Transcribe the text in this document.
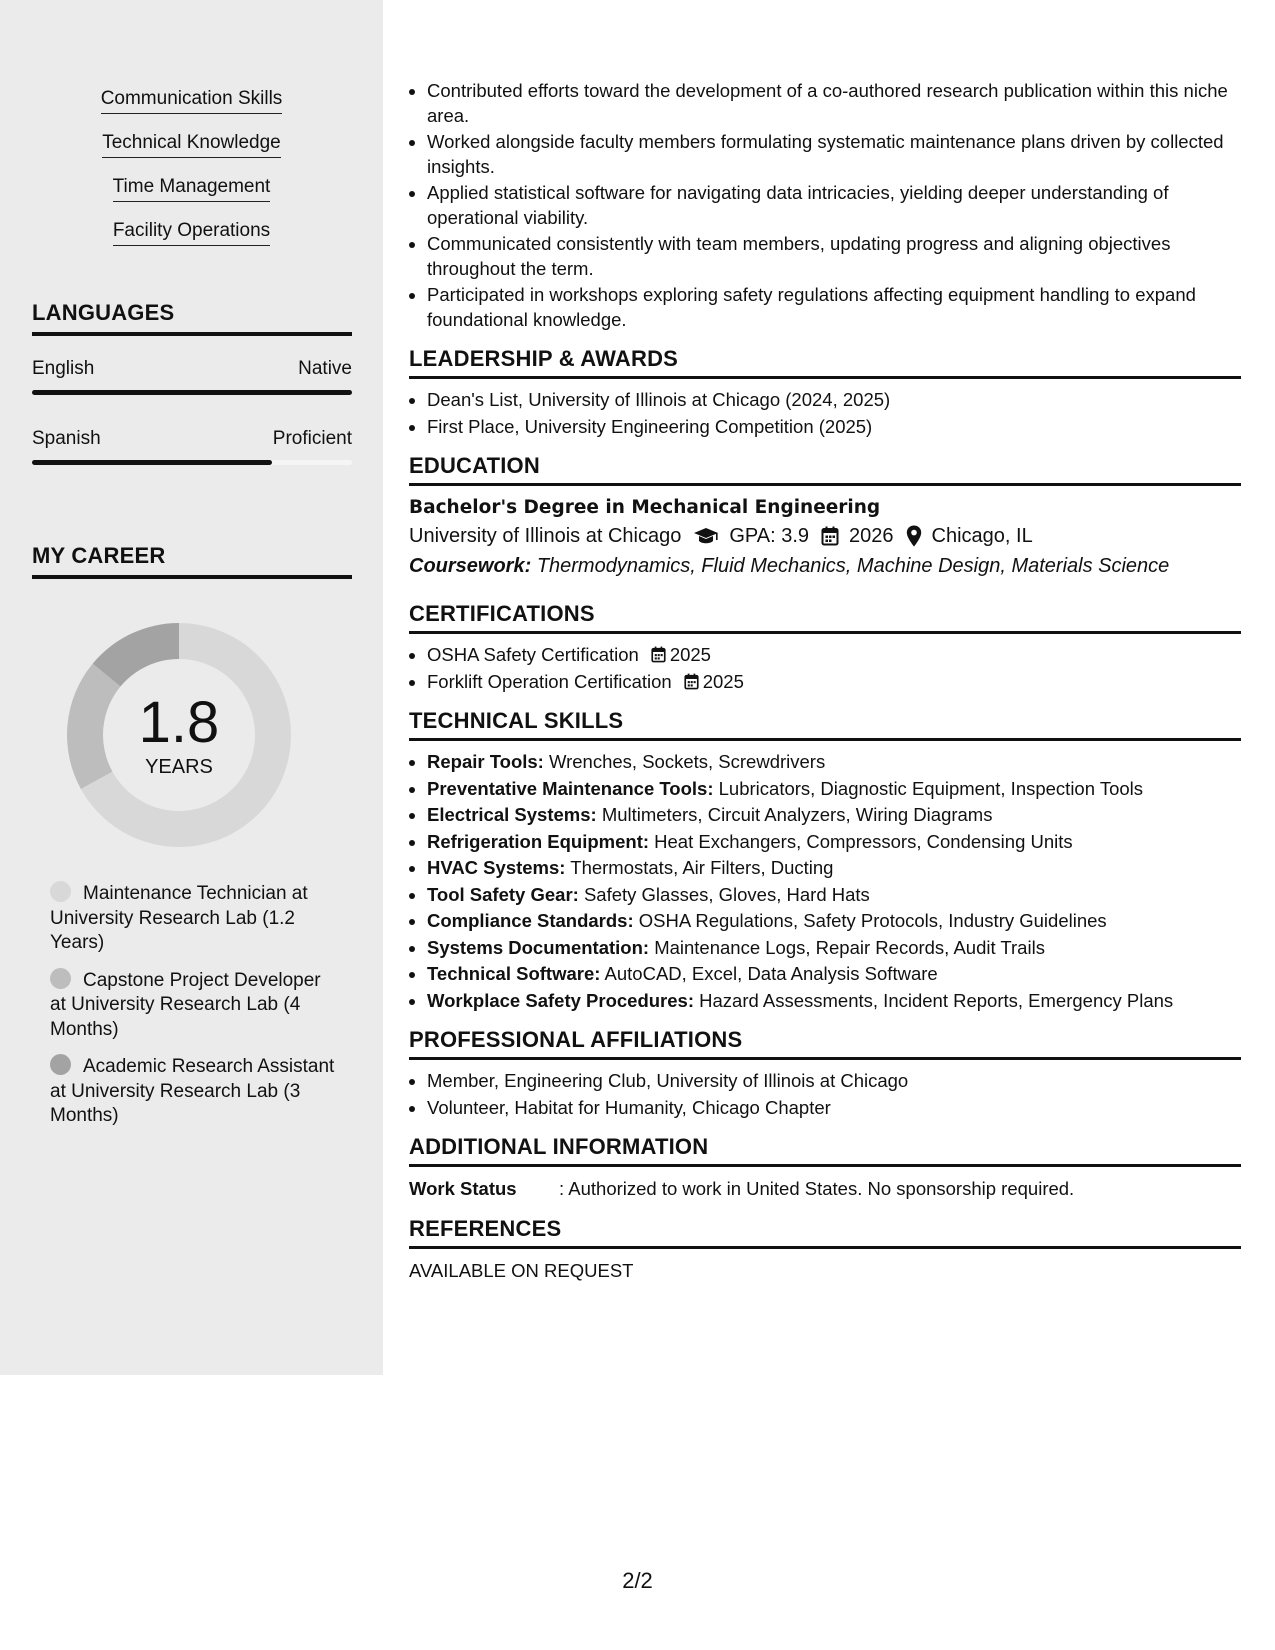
Communication Skills
Technical Knowledge
Time Management
Facility Operations
LANGUAGES
English	Native
Spanish	Proficient
MY CAREER
1.8
YEARS
Maintenance Technician at University Research Lab (1.2 Years)
Capstone Project Developer at University Research Lab (4 Months)
Academic Research Assistant at University Research Lab (3 Months)
• Contributed efforts toward the development of a co-authored research publication within this niche area.
• Worked alongside faculty members formulating systematic maintenance plans driven by collected insights.
• Applied statistical software for navigating data intricacies, yielding deeper understanding of operational viability.
• Communicated consistently with team members, updating progress and aligning objectives throughout the term.
• Participated in workshops exploring safety regulations affecting equipment handling to expand foundational knowledge.
LEADERSHIP & AWARDS
• Dean's List, University of Illinois at Chicago (2024, 2025)
• First Place, University Engineering Competition (2025)
EDUCATION
Bachelor's Degree in Mechanical Engineering
University of Illinois at Chicago GPA: 3.9 2026 Chicago, IL
Coursework: Thermodynamics, Fluid Mechanics, Machine Design, Materials Science
CERTIFICATIONS
• OSHA Safety Certification 2025
• Forklift Operation Certification 2025
TECHNICAL SKILLS
• Repair Tools: Wrenches, Sockets, Screwdrivers
• Preventative Maintenance Tools: Lubricators, Diagnostic Equipment, Inspection Tools
• Electrical Systems: Multimeters, Circuit Analyzers, Wiring Diagrams
• Refrigeration Equipment: Heat Exchangers, Compressors, Condensing Units
• HVAC Systems: Thermostats, Air Filters, Ducting
• Tool Safety Gear: Safety Glasses, Gloves, Hard Hats
• Compliance Standards: OSHA Regulations, Safety Protocols, Industry Guidelines
• Systems Documentation: Maintenance Logs, Repair Records, Audit Trails
• Technical Software: AutoCAD, Excel, Data Analysis Software
• Workplace Safety Procedures: Hazard Assessments, Incident Reports, Emergency Plans
PROFESSIONAL AFFILIATIONS
• Member, Engineering Club, University of Illinois at Chicago
• Volunteer, Habitat for Humanity, Chicago Chapter
ADDITIONAL INFORMATION
Work Status	: Authorized to work in United States. No sponsorship required.
REFERENCES
AVAILABLE ON REQUEST
2/2
